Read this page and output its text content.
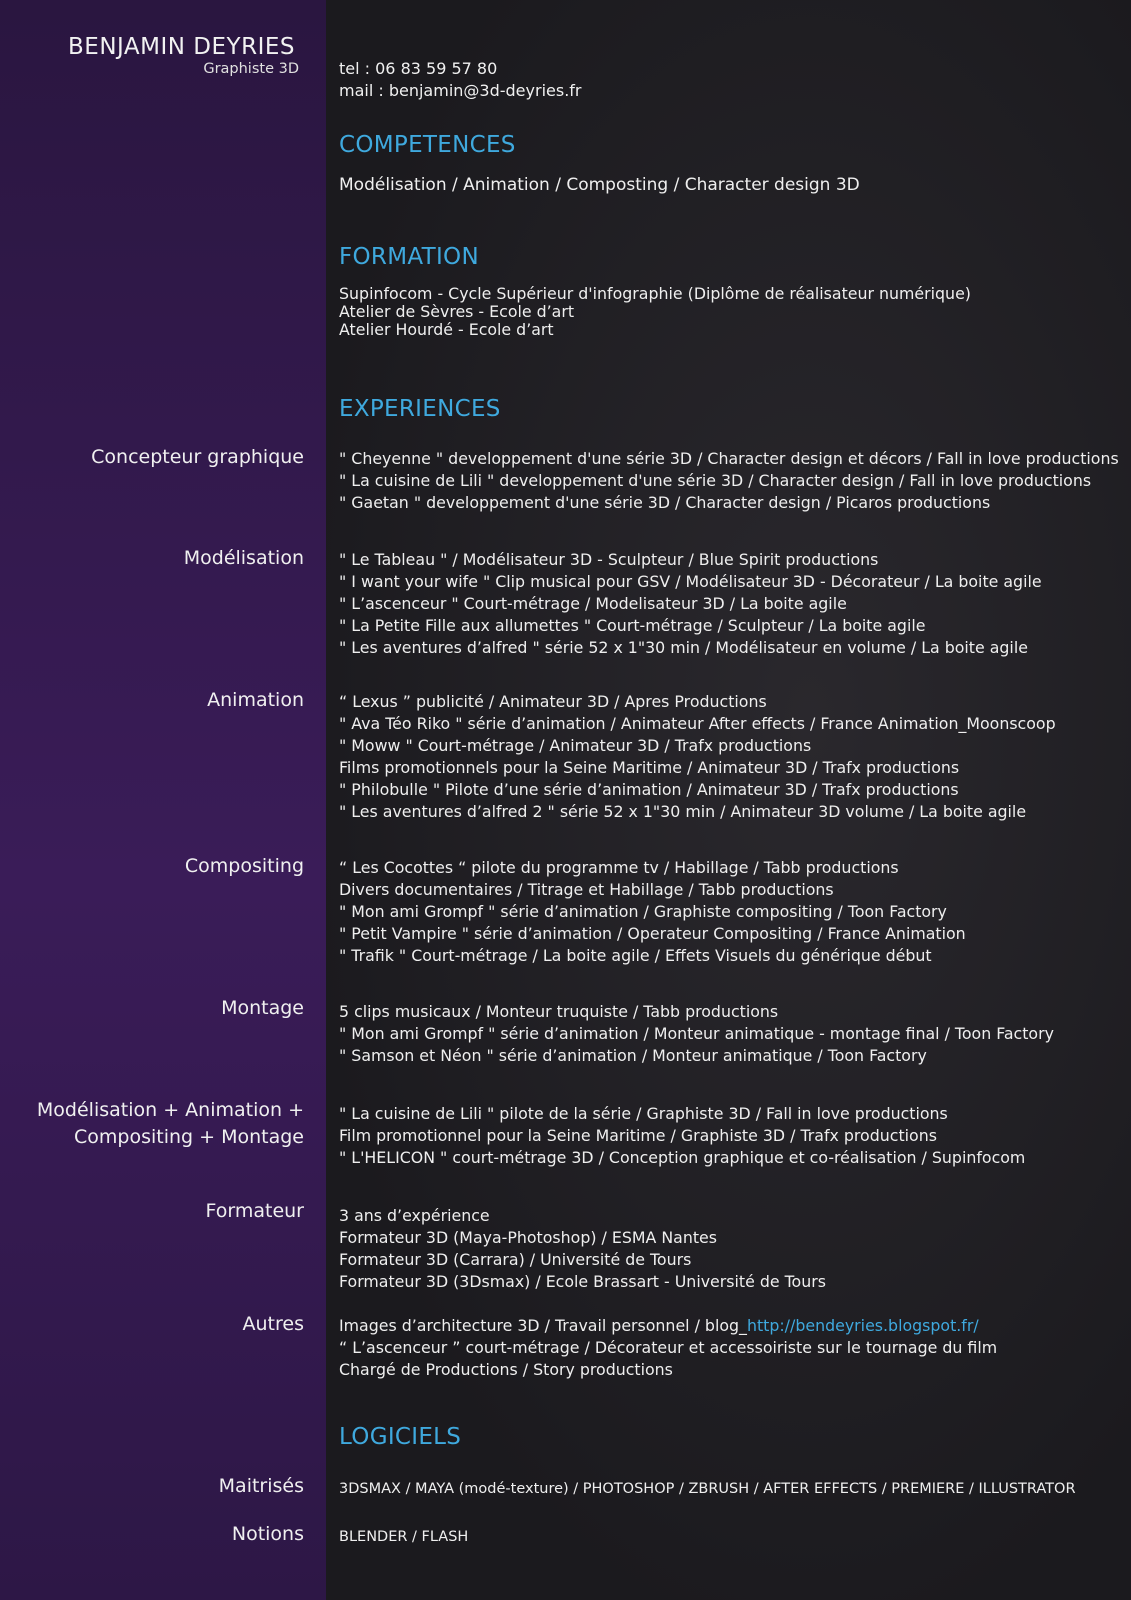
BENJAMIN DEYRIES
Graphiste 3D	tel : 06 83 59 57 80
mail : benjamin@3d-deyries.fr
COMPETENCES
Modélisation / Animation / Composting / Character design 3D
FORMATION
Supinfocom - Cycle Supérieur d'infographie (Diplôme de réalisateur numérique)
Atelier de Sèvres - Ecole d’art
Atelier Hourdé - Ecole d’art
EXPERIENCES
Concepteur graphique " Cheyenne " developpement d'une série 3D / Character design et décors / Fall in love productions
" La cuisine de Lili " developpement d'une série 3D / Character design / Fall in love productions
" Gaetan " developpement d'une série 3D / Character design / Picaros productions
Modélisation " Le Tableau " / Modélisateur 3D - Sculpteur / Blue Spirit productions
" I want your wife " Clip musical pour GSV / Modélisateur 3D - Décorateur / La boite agile
" L’ascenceur " Court-métrage / Modelisateur 3D / La boite agile
" La Petite Fille aux allumettes " Court-métrage / Sculpteur / La boite agile
" Les aventures d’alfred " série 52 x 1"30 min / Modélisateur en volume / La boite agile
Animation “ Lexus ” publicité / Animateur 3D / Apres Productions
" Ava Téo Riko " série d’animation / Animateur After effects / France Animation_Moonscoop
" Moww " Court-métrage / Animateur 3D / Trafx productions
Films promotionnels pour la Seine Maritime / Animateur 3D / Trafx productions
" Philobulle " Pilote d’une série d’animation / Animateur 3D / Trafx productions
" Les aventures d’alfred 2 " série 52 x 1"30 min / Animateur 3D volume / La boite agile
Compositing “ Les Cocottes “ pilote du programme tv / Habillage / Tabb productions
Divers documentaires / Titrage et Habillage / Tabb productions
" Mon ami Grompf " série d’animation / Graphiste compositing / Toon Factory
" Petit Vampire " série d’animation / Operateur Compositing / France Animation
" Trafik " Court-métrage / La boite agile / Effets Visuels du générique début
Montage 5 clips musicaux / Monteur truquiste / Tabb productions
" Mon ami Grompf " série d’animation / Monteur animatique - montage final / Toon Factory
" Samson et Néon " série d’animation / Monteur animatique / Toon Factory
Modélisation + Animation +
Compositing + Montage
" La cuisine de Lili " pilote de la série / Graphiste 3D / Fall in love productions
Film promotionnel pour la Seine Maritime / Graphiste 3D / Trafx productions
" L'HELICON " court-métrage 3D / Conception graphique et co-réalisation / Supinfocom
Formateur 3 ans d’expérience
Formateur 3D (Maya-Photoshop) / ESMA Nantes
Formateur 3D (Carrara) / Université de Tours
Formateur 3D (3Dsmax) / Ecole Brassart - Université de Tours
Autres Images d’architecture 3D / Travail personnel / blog_http://bendeyries.blogspot.fr/
“ L’ascenceur ” court-métrage / Décorateur et accessoiriste sur le tournage du film
Chargé de Productions / Story productions
LOGICIELS
Maitrisés 3DSMAX / MAYA (modé-texture) / PHOTOSHOP / ZBRUSH / AFTER EFFECTS / PREMIERE / ILLUSTRATOR
Notions BLENDER / FLASH
